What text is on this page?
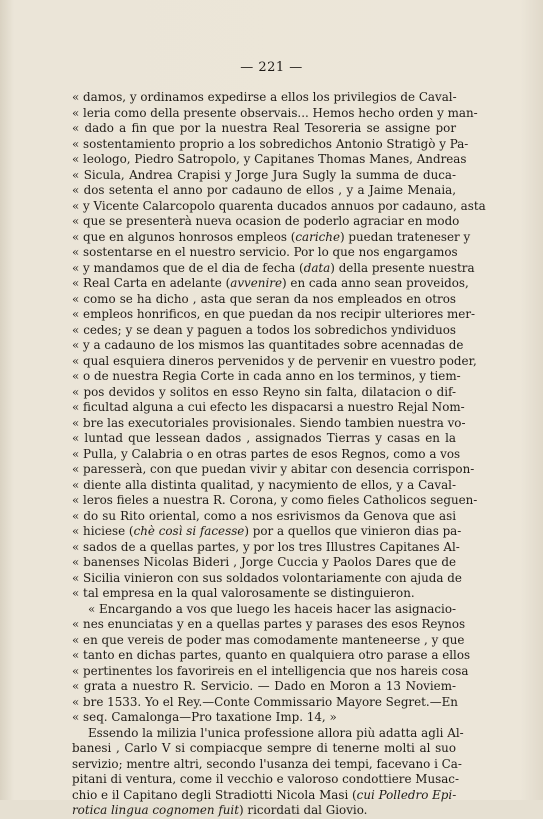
— 221 —
« damos, y ordinamos expedirse a ellos los privilegios de Caval-
« leria como della presente observais... Hemos hecho orden y man-
« dado a fin que por la nuestra Real Tesoreria se assigne por
« sostentamiento proprio a los sobredichos Antonio Stratigò y Pa-
« leologo, Piedro Satropolo, y Capitanes Thomas Manes, Andreas
« Sicula, Andrea Crapisi y Jorge Jura Sugly la summa de duca-
« dos setenta el anno por cadauno de ellos , y a Jaime Menaia,
« y Vicente Calarcopolo quarenta ducados annuos por cadauno, asta
« que se presenterà nueva ocasion de poderlo agraciar en modo
« que en algunos honrosos empleos (cariche) puedan trateneser y
« sostentarse en el nuestro servicio. Por lo que nos engargamos
« y mandamos que de el dia de fecha (data) della presente nuestra
« Real Carta en adelante (avvenire) en cada anno sean proveidos,
« como se ha dicho , asta que seran da nos empleados en otros
« empleos honrificos, en que puedan da nos recipir ulteriores mer-
« cedes; y se dean y paguen a todos los sobredichos yndividuos
« y a cadauno de los mismos las quantitades sobre acennadas de
« qual esquiera dineros pervenidos y de pervenir en vuestro poder,
« o de nuestra Regia Corte in cada anno en los terminos, y tiem-
« pos devidos y solitos en esso Reyno sin falta, dilatacion o dif-
« ficultad alguna a cui efecto les dispacarsi a nuestro Rejal Nom-
« bre las executoriales provisionales. Siendo tambien nuestra vo-
« luntad que lessean dados , assignados Tierras y casas en la
« Pulla, y Calabria o en otras partes de esos Regnos, como a vos
« paresserà, con que puedan vivir y abitar con desencia corrispon-
« diente alla distinta qualitad, y nacymiento de ellos, y a Caval-
« leros fieles a nuestra R. Corona, y como fieles Catholicos seguen-
« do su Rito oriental, como a nos esrivismos da Genova que asi
« hiciese (chè così si facesse) por a quellos que vinieron dias pa-
« sados de a quellas partes, y por los tres Illustres Capitanes Al-
« banenses Nicolas Bideri , Jorge Cuccia y Paolos Dares que de
« Sicilia vinieron con sus soldados volontariamente con ajuda de
« tal empresa en la qual valorosamente se distinguieron.
« Encargando a vos que luego les haceis hacer las asignacio-
« nes enunciatas y en a quellas partes y parases des esos Reynos
« en que vereis de poder mas comodamente manteneerse , y que
« tanto en dichas partes, quanto en qualquiera otro parase a ellos
« pertinentes los favorireis en el intelligencia que nos hareis cosa
« grata a nuestro R. Servicio. — Dado en Moron a 13 Noviem-
« bre 1533. Yo el Rey.—Conte Commissario Mayore Segret.—En
« seq. Camalonga—Pro taxatione Imp. 14, »
Essendo la milizia l'unica professione allora più adatta agli Al-
banesi , Carlo V si compiacque sempre di tenerne molti al suo
servizio; mentre altri, secondo l'usanza dei tempi, facevano i Ca-
pitani di ventura, come il vecchio e valoroso condottiere Musac-
chio e il Capitano degli Stradiotti Nicola Masi (cui Polledro Epi-
rotica lingua cognomen fuit) ricordati dal Giovio.
